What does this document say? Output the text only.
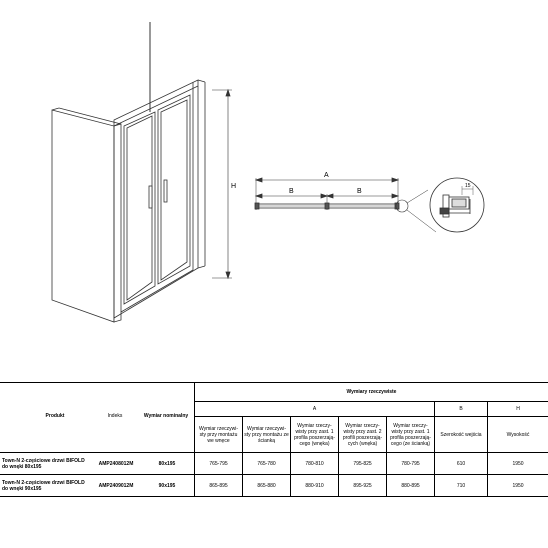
H
A
B	B
15
Produkt	Indeks	Wymiar nominalny
Wymiary rzeczywiste
A	B	H
Wymiar rzeczywi-sty przy montażu we wnęce
Wymiar rzeczywi-sty przy montażu ze ścianką
Wymiar rzeczy-wisty przy zast. 1 profila poszerzają-cego (wnęka)
Wymiar rzeczy-wisty przy zast. 2 profili poszerzają-cych (wnęka)
Wymiar rzeczy-wisty przy zast. 1 profila poszerzają-cego (ze ścianką)
Szerokość wejścia	Wysokość
Town-N 2-częściowe drzwi BIFOLD do wnęki 80x195	AMP2408012M	80x195	765-795	765-780	780-810	795-825	780-795	610	1950
Town-N 2-częściowe drzwi BIFOLD do wnęki 90x195	AMP2409012M	90x195	865-895	865-880	880-910	895-925	880-895	710	1950
